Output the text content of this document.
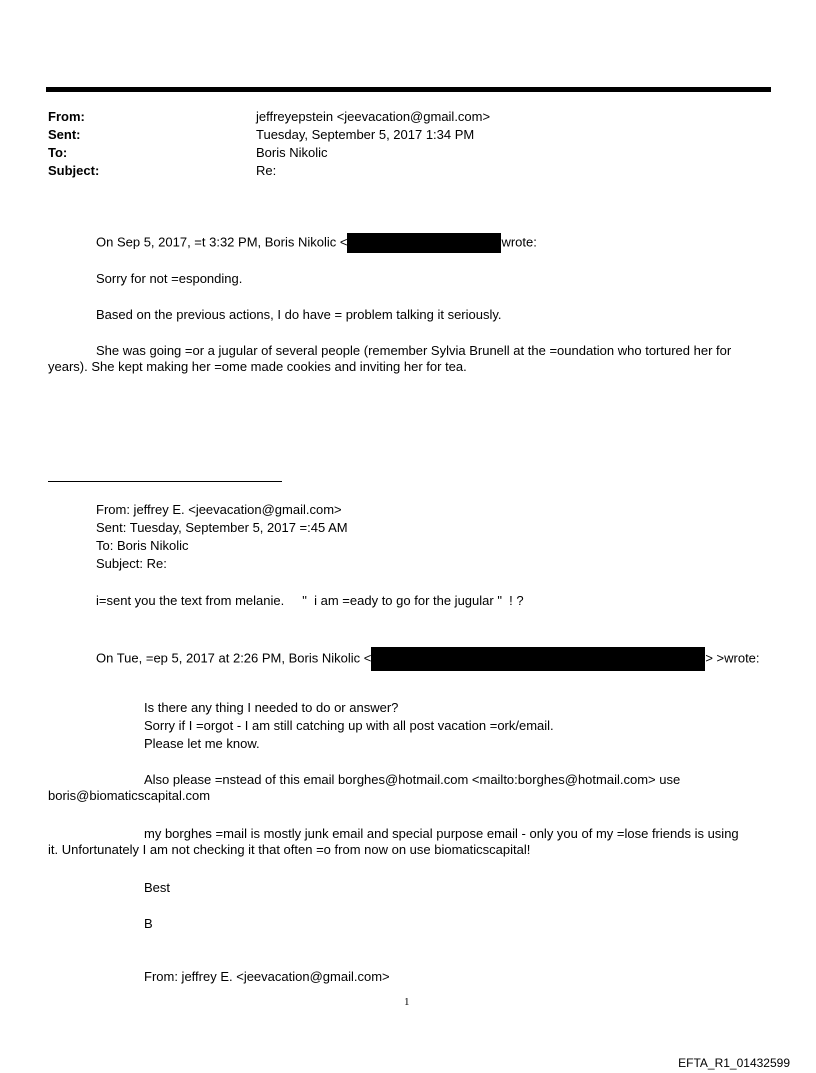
From:	jeffreyepstein <jeevacation@gmail.com>
Sent:	Tuesday, September 5, 2017 1:34 PM
To:	Boris Nikolic
Subject:	Re:
On Sep 5, 2017, =t 3:32 PM, Boris Nikolic <	wrote:
Sorry for not =esponding.
Based on the previous actions, I do have = problem talking it seriously.
She was going =or a jugular of several people (remember Sylvia Brunell at the =oundation who tortured her for
years). She kept making her =ome made cookies and inviting her for tea.
From: jeffrey E. <jeevacation@gmail.com>
Sent: Tuesday, September 5, 2017 =:45 AM
To: Boris Nikolic
Subject: Re:
i=sent you the text from melanie.     "  i am =eady to go for the jugular "  ! ?
On Tue, =ep 5, 2017 at 2:26 PM, Boris Nikolic <	> >wrote:
Is there any thing I needed to do or answer?
Sorry if I =orgot - I am still catching up with all post vacation =ork/email.
Please let me know.
Also please =nstead of this email borghes@hotmail.com <mailto:borghes@hotmail.com> use
boris@biomaticscapital.com
my borghes =mail is mostly junk email and special purpose email - only you of my =lose friends is using
it. Unfortunately I am not checking it that often =o from now on use biomaticscapital!
Best
B
From: jeffrey E. <jeevacation@gmail.com>
1
EFTA_R1_01432599
